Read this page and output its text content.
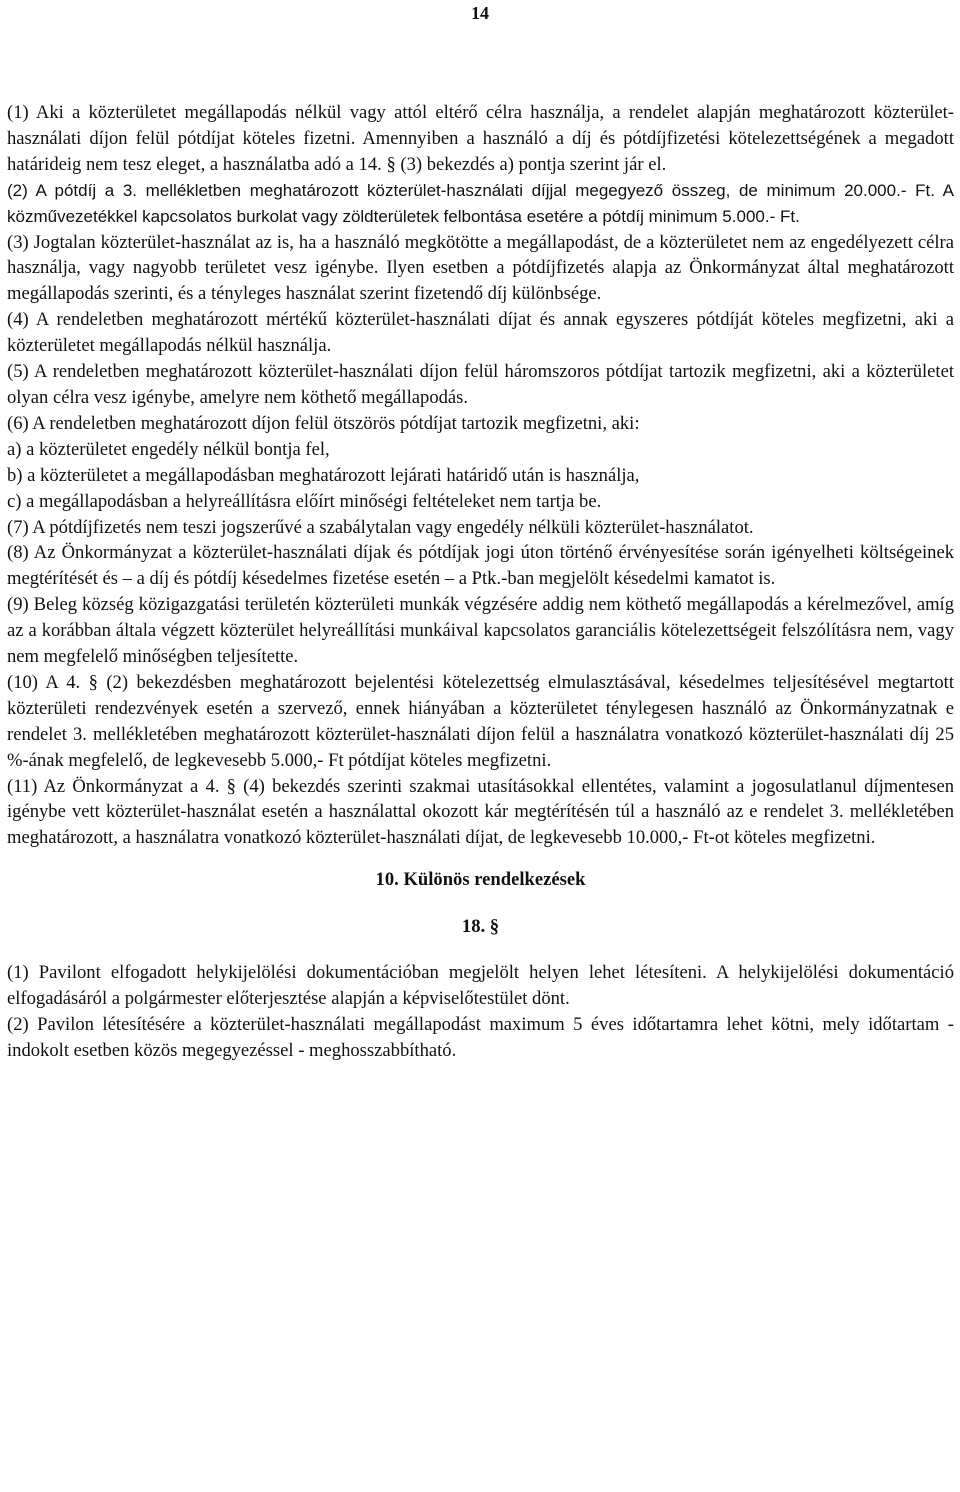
14

(1) Aki a közterületet megállapodás nélkül vagy attól eltérő célra használja, a rendelet alapján meghatározott közterület-használati díjon felül pótdíjat köteles fizetni. Amennyiben a használó a díj és pótdíjfizetési kötelezettségének a megadott határideig nem tesz eleget, a használatba adó a 14. § (3) bekezdés a) pontja szerint jár el.

(2) A pótdíj a 3. mellékletben meghatározott közterület-használati díjjal megegyező összeg, de minimum 20.000.- Ft. A közművezetékkel kapcsolatos burkolat vagy zöldterületek felbontása esetére a pótdíj minimum 5.000.- Ft.

(3) Jogtalan közterület-használat az is, ha a használó megkötötte a megállapodást, de a közterületet nem az engedélyezett célra használja, vagy nagyobb területet vesz igénybe. Ilyen esetben a pótdíjfizetés alapja az Önkormányzat által meghatározott megállapodás szerinti, és a tényleges használat szerint fizetendő díj különbsége.

(4) A rendeletben meghatározott mértékű közterület-használati díjat és annak egyszeres pótdíját köteles megfizetni, aki a közterületet megállapodás nélkül használja.

(5) A rendeletben meghatározott közterület-használati díjon felül háromszoros pótdíjat tartozik megfizetni, aki a közterületet olyan célra vesz igénybe, amelyre nem köthető megállapodás.

(6) A rendeletben meghatározott díjon felül ötszörös pótdíjat tartozik megfizetni, aki:

a) a közterületet engedély nélkül bontja fel,

b) a közterületet a megállapodásban meghatározott lejárati határidő után is használja,

c) a megállapodásban a helyreállításra előírt minőségi feltételeket nem tartja be.

(7) A pótdíjfizetés nem teszi jogszerűvé a szabálytalan vagy engedély nélküli közterület-használatot.

(8) Az Önkormányzat a közterület-használati díjak és pótdíjak jogi úton történő érvényesítése során igényelheti költségeinek megtérítését és – a díj és pótdíj késedelmes fizetése esetén – a Ptk.-ban megjelölt késedelmi kamatot is.

(9) Beleg község közigazgatási területén közterületi munkák végzésére addig nem köthető megállapodás a kérelmezővel, amíg az a korábban általa végzett közterület helyreállítási munkáival kapcsolatos garanciális kötelezettségeit felszólításra nem, vagy nem megfelelő minőségben teljesítette.

(10) A 4. § (2) bekezdésben meghatározott bejelentési kötelezettség elmulasztásával, késedelmes teljesítésével megtartott közterületi rendezvények esetén a szervező, ennek hiányában a közterületet ténylegesen használó az Önkormányzatnak e rendelet 3. mellékletében meghatározott közterület-használati díjon felül a használatra vonatkozó közterület-használati díj 25 %-ának megfelelő, de legkevesebb 5.000,- Ft pótdíjat köteles megfizetni.

(11) Az Önkormányzat a 4. § (4) bekezdés szerinti szakmai utasításokkal ellentétes, valamint a jogosulatlanul díjmentesen igénybe vett közterület-használat esetén a használattal okozott kár megtérítésén túl a használó az e rendelet 3. mellékletében meghatározott, a használatra vonatkozó közterület-használati díjat, de legkevesebb 10.000,- Ft-ot köteles megfizetni.

10. Különös rendelkezések

18. §

(1) Pavilont elfogadott helykijelölési dokumentációban megjelölt helyen lehet létesíteni. A helykijelölési dokumentáció elfogadásáról a polgármester előterjesztése alapján a képviselőtestület dönt.

(2) Pavilon létesítésére a közterület-használati megállapodást maximum 5 éves időtartamra lehet kötni, mely időtartam - indokolt esetben közös megegyezéssel - meghosszabbítható.
